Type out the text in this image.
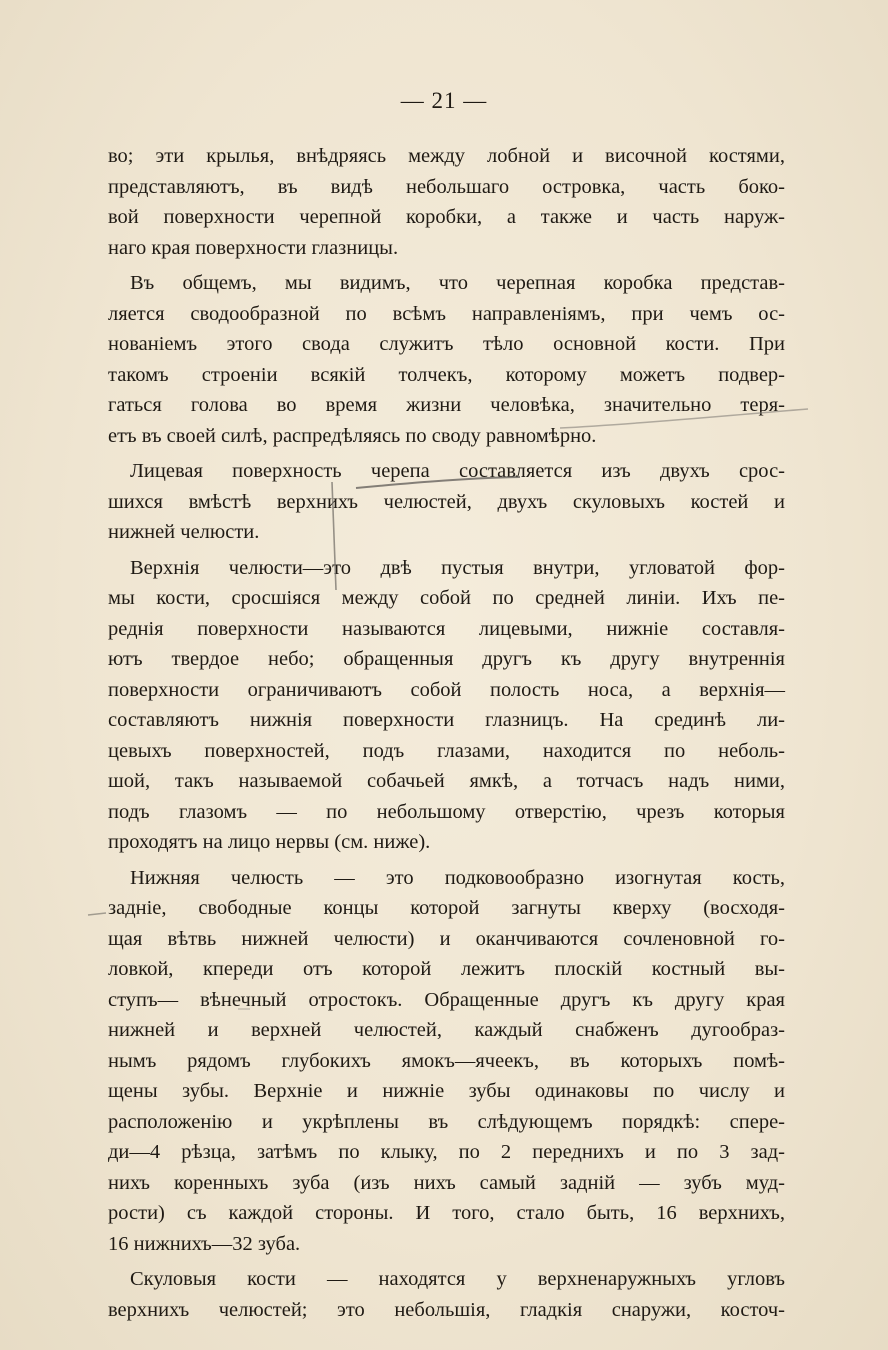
— 21 —
во; эти крылья, внѣдряясь между лобной и височной костями,
представляютъ, въ видѣ небольшаго островка, часть боко-
вой поверхности черепной коробки, а также и часть наруж-
наго края поверхности глазницы.
Въ общемъ, мы видимъ, что черепная коробка представ-
ляется сводообразной по всѣмъ направленіямъ, при чемъ ос-
нованіемъ этого свода служитъ тѣло основной кости. При
такомъ строеніи всякій толчекъ, которому можетъ подвер-
гаться голова во время жизни человѣка, значительно теря-
етъ въ своей силѣ, распредѣляясь по своду равномѣрно.
Лицевая поверхность черепа составляется изъ двухъ срос-
шихся вмѣстѣ верхнихъ челюстей, двухъ скуловыхъ костей и
нижней челюсти.
Верхнія челюсти—это двѣ пустыя внутри, угловатой фор-
мы кости, сросшіяся между собой по средней линіи. Ихъ пе-
реднія поверхности называются лицевыми, нижніе составля-
ютъ твердое небо; обращенныя другъ къ другу внутреннія
поверхности ограничиваютъ собой полость носа, а верхнія—
составляютъ нижнія поверхности глазницъ. На срединѣ ли-
цевыхъ поверхностей, подъ глазами, находится по неболь-
шой, такъ называемой собачьей ямкѣ, а тотчасъ надъ ними,
подъ глазомъ — по небольшому отверстію, чрезъ которыя
проходятъ на лицо нервы (см. ниже).
Нижняя челюсть — это подковообразно изогнутая кость,
задніе, свободные концы которой загнуты кверху (восходя-
щая вѣтвь нижней челюсти) и оканчиваются сочленовной го-
ловкой, кпереди отъ которой лежитъ плоскій костный вы-
ступъ— вѣнечный отростокъ. Обращенные другъ къ другу края
нижней и верхней челюстей, каждый снабженъ дугообраз-
нымъ рядомъ глубокихъ ямокъ—ячеекъ, въ которыхъ помѣ-
щены зубы. Верхніе и нижніе зубы одинаковы по числу и
расположенію и укрѣплены въ слѣдующемъ порядкѣ: спере-
ди—4 рѣзца, затѣмъ по клыку, по 2 переднихъ и по 3 зад-
нихъ коренныхъ зуба (изъ нихъ самый задній — зубъ муд-
рости) съ каждой стороны. И того, стало быть, 16 верхнихъ,
16 нижнихъ—32 зуба.
Скуловыя кости — находятся у верхненаружныхъ угловъ
верхнихъ челюстей; это небольшія, гладкія снаружи, косточ-
